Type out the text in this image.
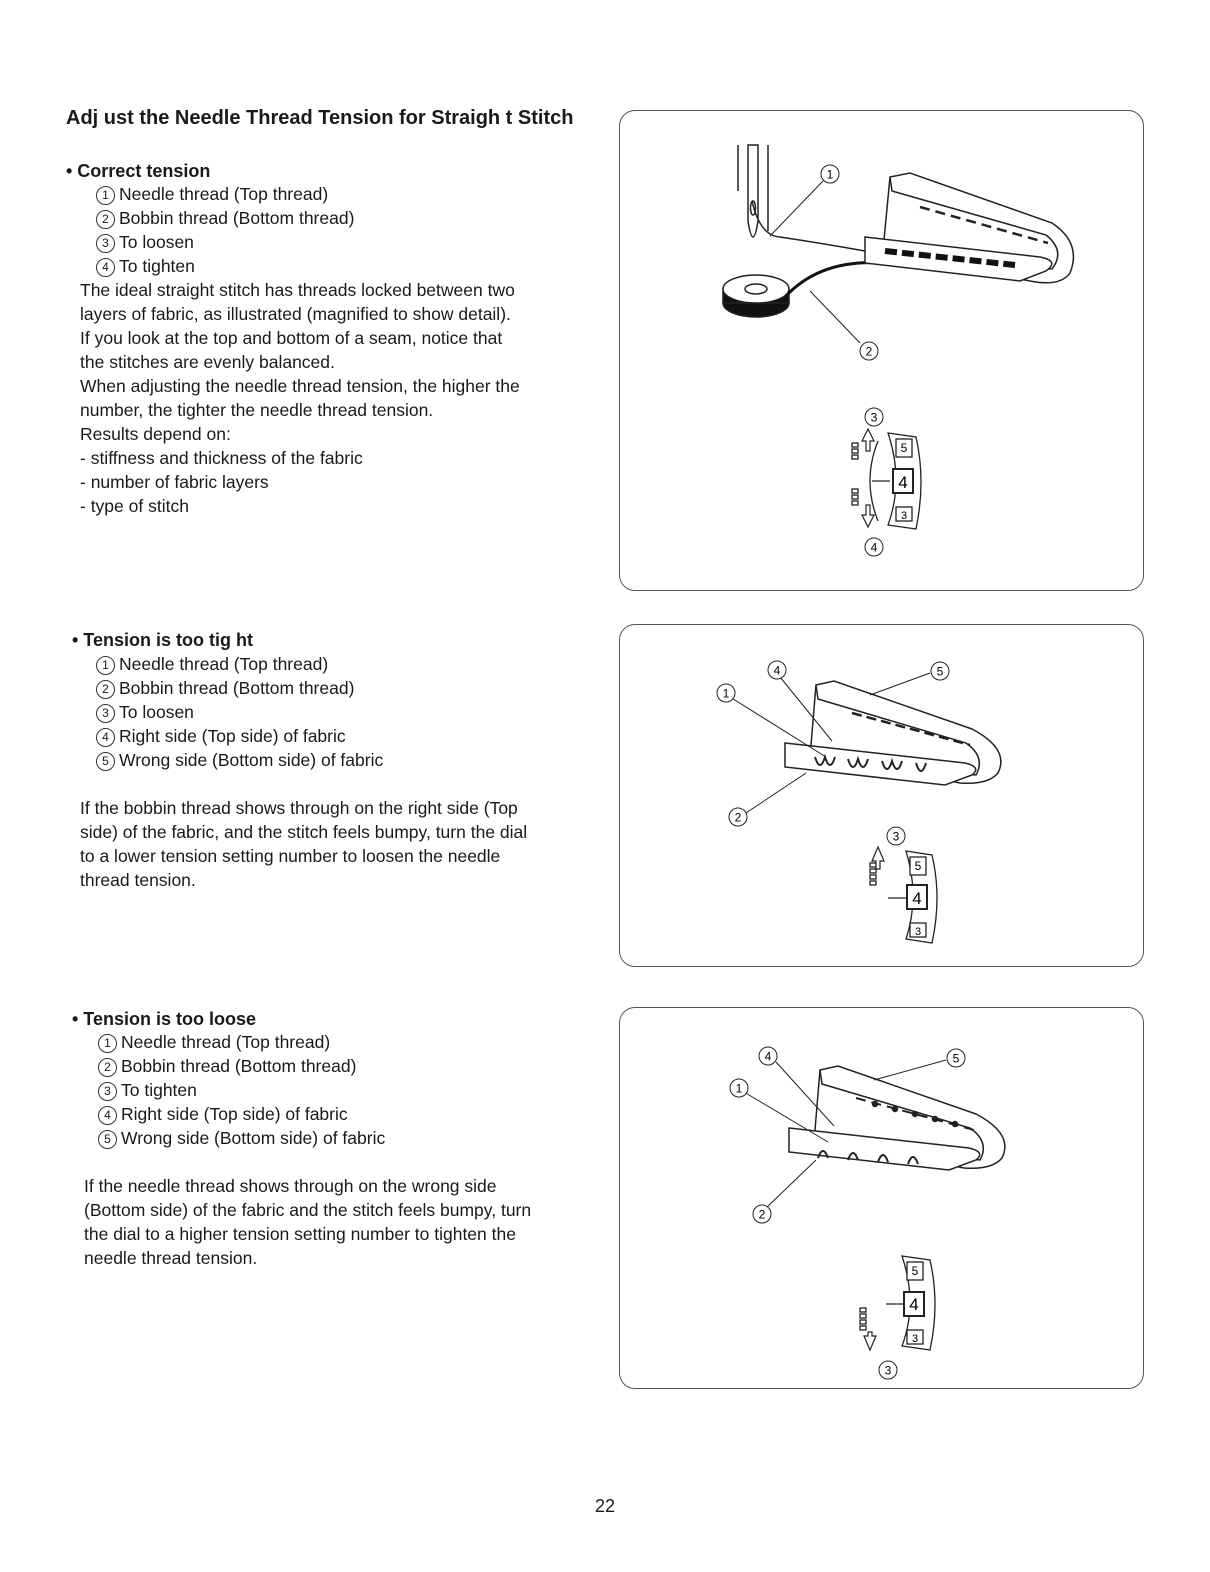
Adj ust the Needle Thread Tension for Straigh t Stitch
• Correct tension
1 Needle thread (Top thread)
2 Bobbin thread (Bottom thread)
3 To loosen
4 To tighten
The ideal straight stitch has threads locked between two
layers of fabric, as illustrated (magnified to show detail).
If you look at the top and bottom of a seam, notice that
the stitches are evenly balanced.
When adjusting the needle thread tension, the higher the
number, the tighter the needle thread tension.
Results depend on:
- stiffness and thickness of the fabric
- number of fabric layers
- type of stitch
• Tension is too tig ht
1 Needle thread (Top thread)
2 Bobbin thread (Bottom thread)
3 To loosen
4 Right side (Top side) of fabric
5 Wrong side (Bottom side) of fabric
If the bobbin thread shows through on the right side (Top
side) of the fabric, and the stitch feels bumpy, turn the dial
to a lower tension setting number to loosen the needle
thread tension.
• Tension is too loose
1 Needle thread (Top thread)
2 Bobbin thread (Bottom thread)
3 To tighten
4 Right side (Top side) of fabric
5 Wrong side (Bottom side) of fabric
If the needle thread shows through on the wrong side
(Bottom side) of the fabric and the stitch feels bumpy, turn
the dial to a higher tension setting number to tighten the
needle thread tension.
1
2
5
4
3
3
4
1
4	5
2
5
4
3
3
1
4	5
2
5
4
3
3
22
